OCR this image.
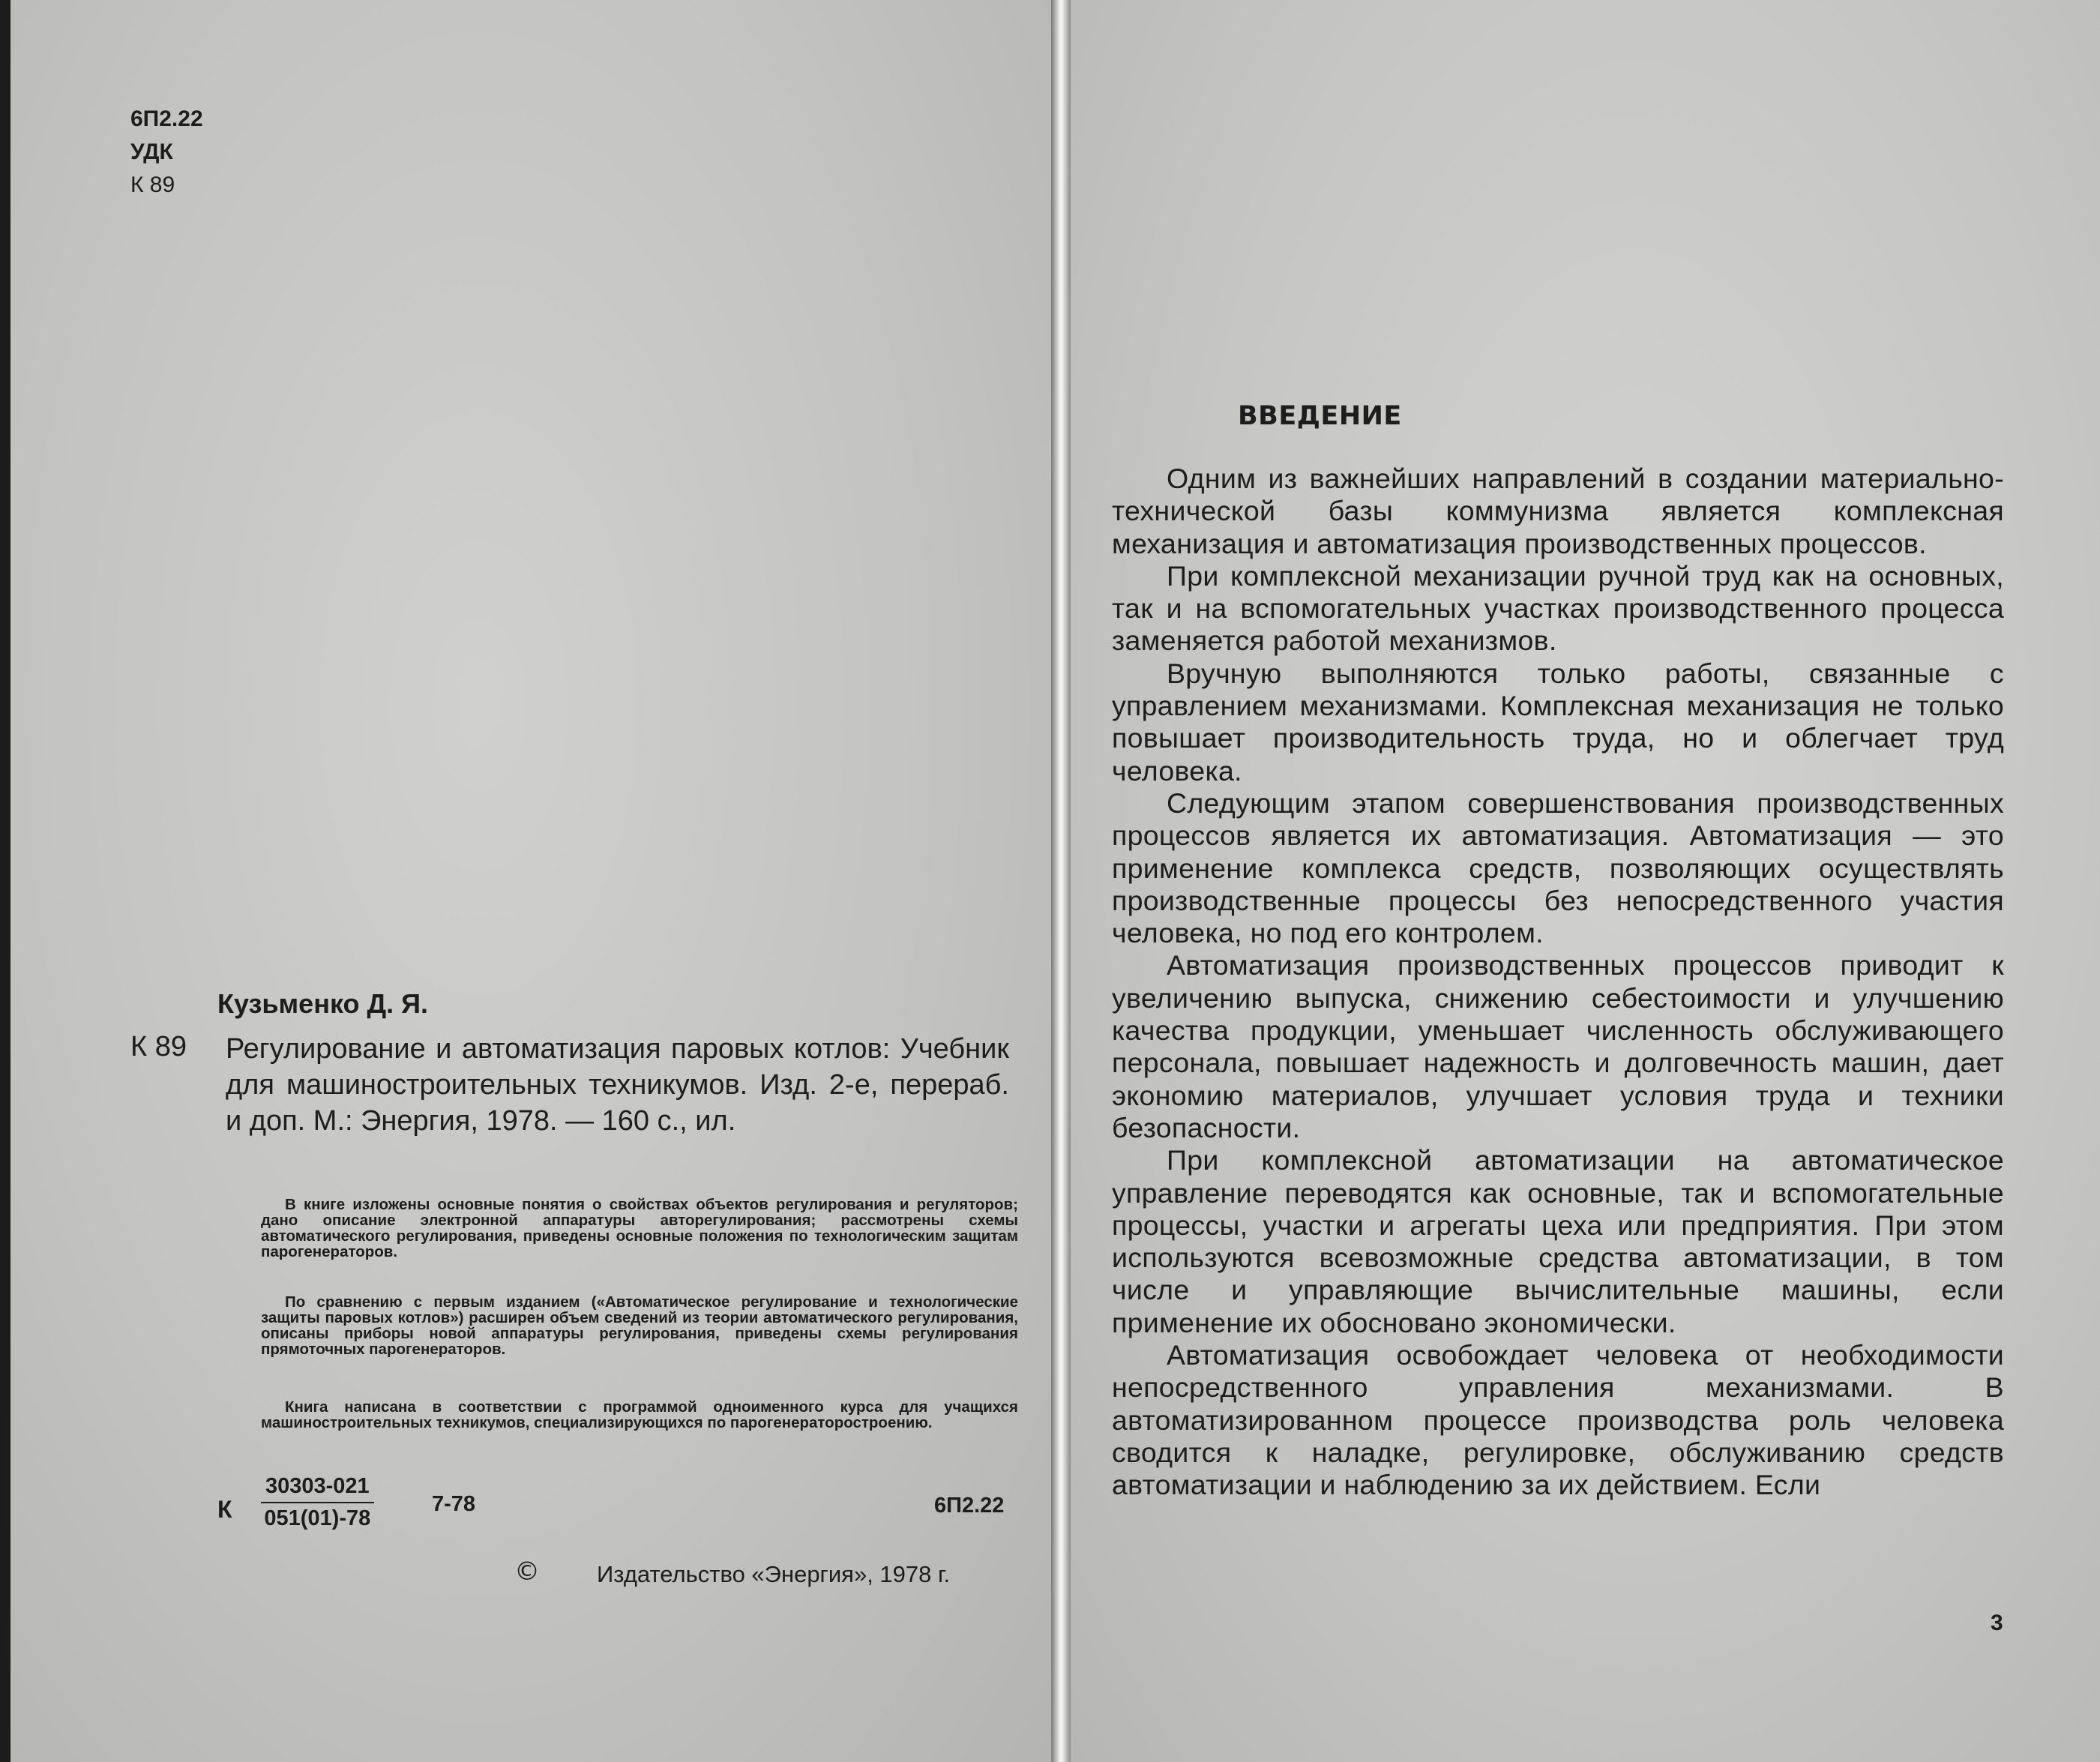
6П2.22
УДК
К 89
Кузьменко Д. Я.
К 89 Регулирование и автоматизация паровых котлов: Учебник для машиностроительных техникумов. Изд. 2-е, перераб. и доп. М.: Энергия, 1978. — 160 с., ил.

В книге изложены основные понятия о свойствах объектов регулирования и регуляторов; дано описание электронной аппаратуры авторегулирования; рассмотрены схемы автоматического регулирования, приведены основные положения по технологическим защитам парогенераторов.

По сравнению с первым изданием («Автоматическое регулирование и технологические защиты паровых котлов») расширен объем сведений из теории автоматического регулирования, описаны приборы новой аппаратуры регулирования, приведены схемы регулирования прямоточных парогенераторов.

Книга написана в соответствии с программой одноименного курса для учащихся машиностроительных техникумов, специализирующихся по парогенераторостроению.

К $\frac{30303-021}{051(01)-78}$	7-78	6П2.22
© Издательство «Энергия», 1978 г.
ВВЕДЕНИЕ

Одним из важнейших направлений в создании материально-технической базы коммунизма является комплексная механизация и автоматизация производственных процессов.

При комплексной механизации ручной труд как на основных, так и на вспомогательных участках производственного процесса заменяется работой механизмов.

Вручную выполняются только работы, связанные с управлением механизмами. Комплексная механизация не только повышает производительность труда, но и облегчает труд человека.

Следующим этапом совершенствования производственных процессов является их автоматизация. Автоматизация — это применение комплекса средств, позволяющих осуществлять производственные процессы без непосредственного участия человека, но под его контролем.

Автоматизация производственных процессов приводит к увеличению выпуска, снижению себестоимости и улучшению качества продукции, уменьшает численность обслуживающего персонала, повышает надежность и долговечность машин, дает экономию материалов, улучшает условия труда и техники безопасности.

При комплексной автоматизации на автоматическое управление переводятся как основные, так и вспомогательные процессы, участки и агрегаты цеха или предприятия. При этом используются всевозможные средства автоматизации, в том числе и управляющие вычислительные машины, если применение их обосновано экономически.

Автоматизация освобождает человека от необходимости непосредственного управления механизмами. В автоматизированном процессе производства роль человека сводится к наладке, регулировке, обслуживанию средств автоматизации и наблюдению за их действием. Если

3
